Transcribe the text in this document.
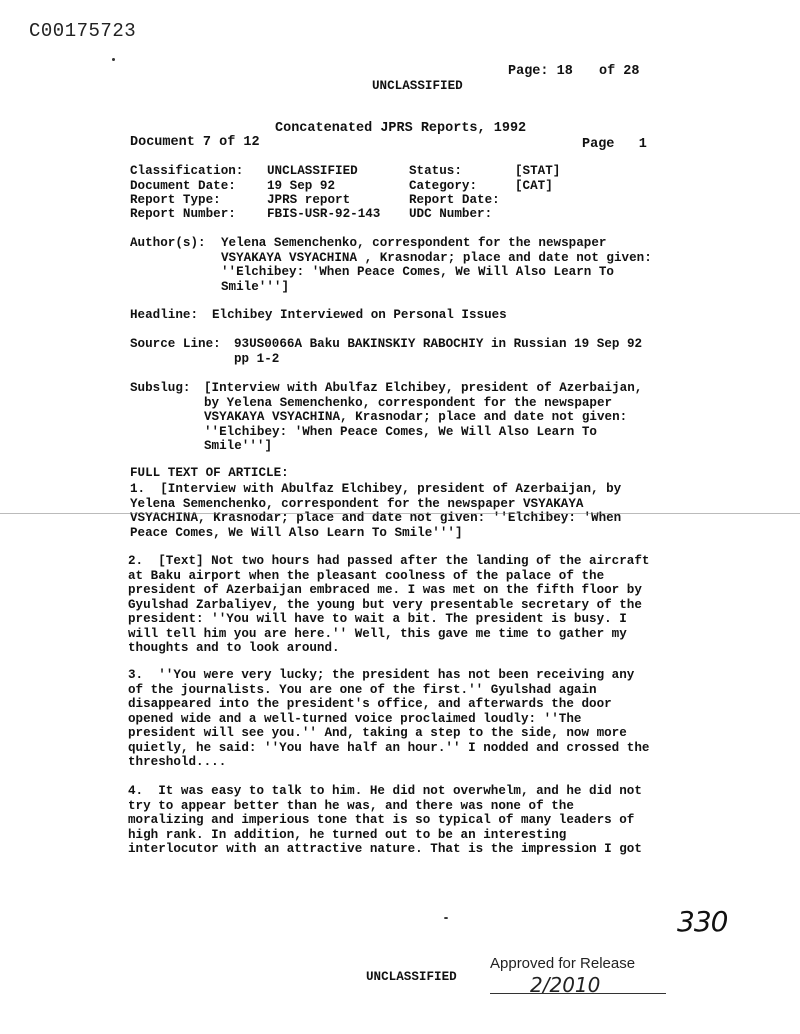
C00175723
Page: 18 of 28
UNCLASSIFIED
Concatenated JPRS Reports, 1992
Document 7 of 12	Page   1
Classification: UNCLASSIFIED	Status:	[STAT]
Document Date: 19 Sep 92	Category:	[CAT]
Report Type:	JPRS report	Report Date:
Report Number: FBIS-USR-92-143 UDC Number:
Author(s): Yelena Semenchenko, correspondent for the newspaper
VSYAKAYA VSYACHINA , Krasnodar; place and date not given:
''Elchibey: 'When Peace Comes, We Will Also Learn To
Smile''']
Headline: Elchibey Interviewed on Personal Issues
Source Line: 93US0066A Baku BAKINSKIY RABOCHIY in Russian 19 Sep 92
pp 1-2
Subslug: [Interview with Abulfaz Elchibey, president of Azerbaijan,
by Yelena Semenchenko, correspondent for the newspaper
VSYAKAYA VSYACHINA, Krasnodar; place and date not given:
''Elchibey: 'When Peace Comes, We Will Also Learn To
Smile''']
FULL TEXT OF ARTICLE:
1.  [Interview with Abulfaz Elchibey, president of Azerbaijan, by
Yelena Semenchenko, correspondent for the newspaper VSYAKAYA
VSYACHINA, Krasnodar; place and date not given: ''Elchibey: 'When
Peace Comes, We Will Also Learn To Smile''']
2.  [Text] Not two hours had passed after the landing of the aircraft
at Baku airport when the pleasant coolness of the palace of the
president of Azerbaijan embraced me. I was met on the fifth floor by
Gyulshad Zarbaliyev, the young but very presentable secretary of the
president: ''You will have to wait a bit. The president is busy. I
will tell him you are here.'' Well, this gave me time to gather my
thoughts and to look around.
3.  ''You were very lucky; the president has not been receiving any
of the journalists. You are one of the first.'' Gyulshad again
disappeared into the president's office, and afterwards the door
opened wide and a well-turned voice proclaimed loudly: ''The
president will see you.'' And, taking a step to the side, now more
quietly, he said: ''You have half an hour.'' I nodded and crossed the
threshold....
4.  It was easy to talk to him. He did not overwhelm, and he did not
try to appear better than he was, and there was none of the
moralizing and imperious tone that is so typical of many leaders of
high rank. In addition, he turned out to be an interesting
interlocutor with an attractive nature. That is the impression I got
330
UNCLASSIFIED
Approved for Release
2/2010
